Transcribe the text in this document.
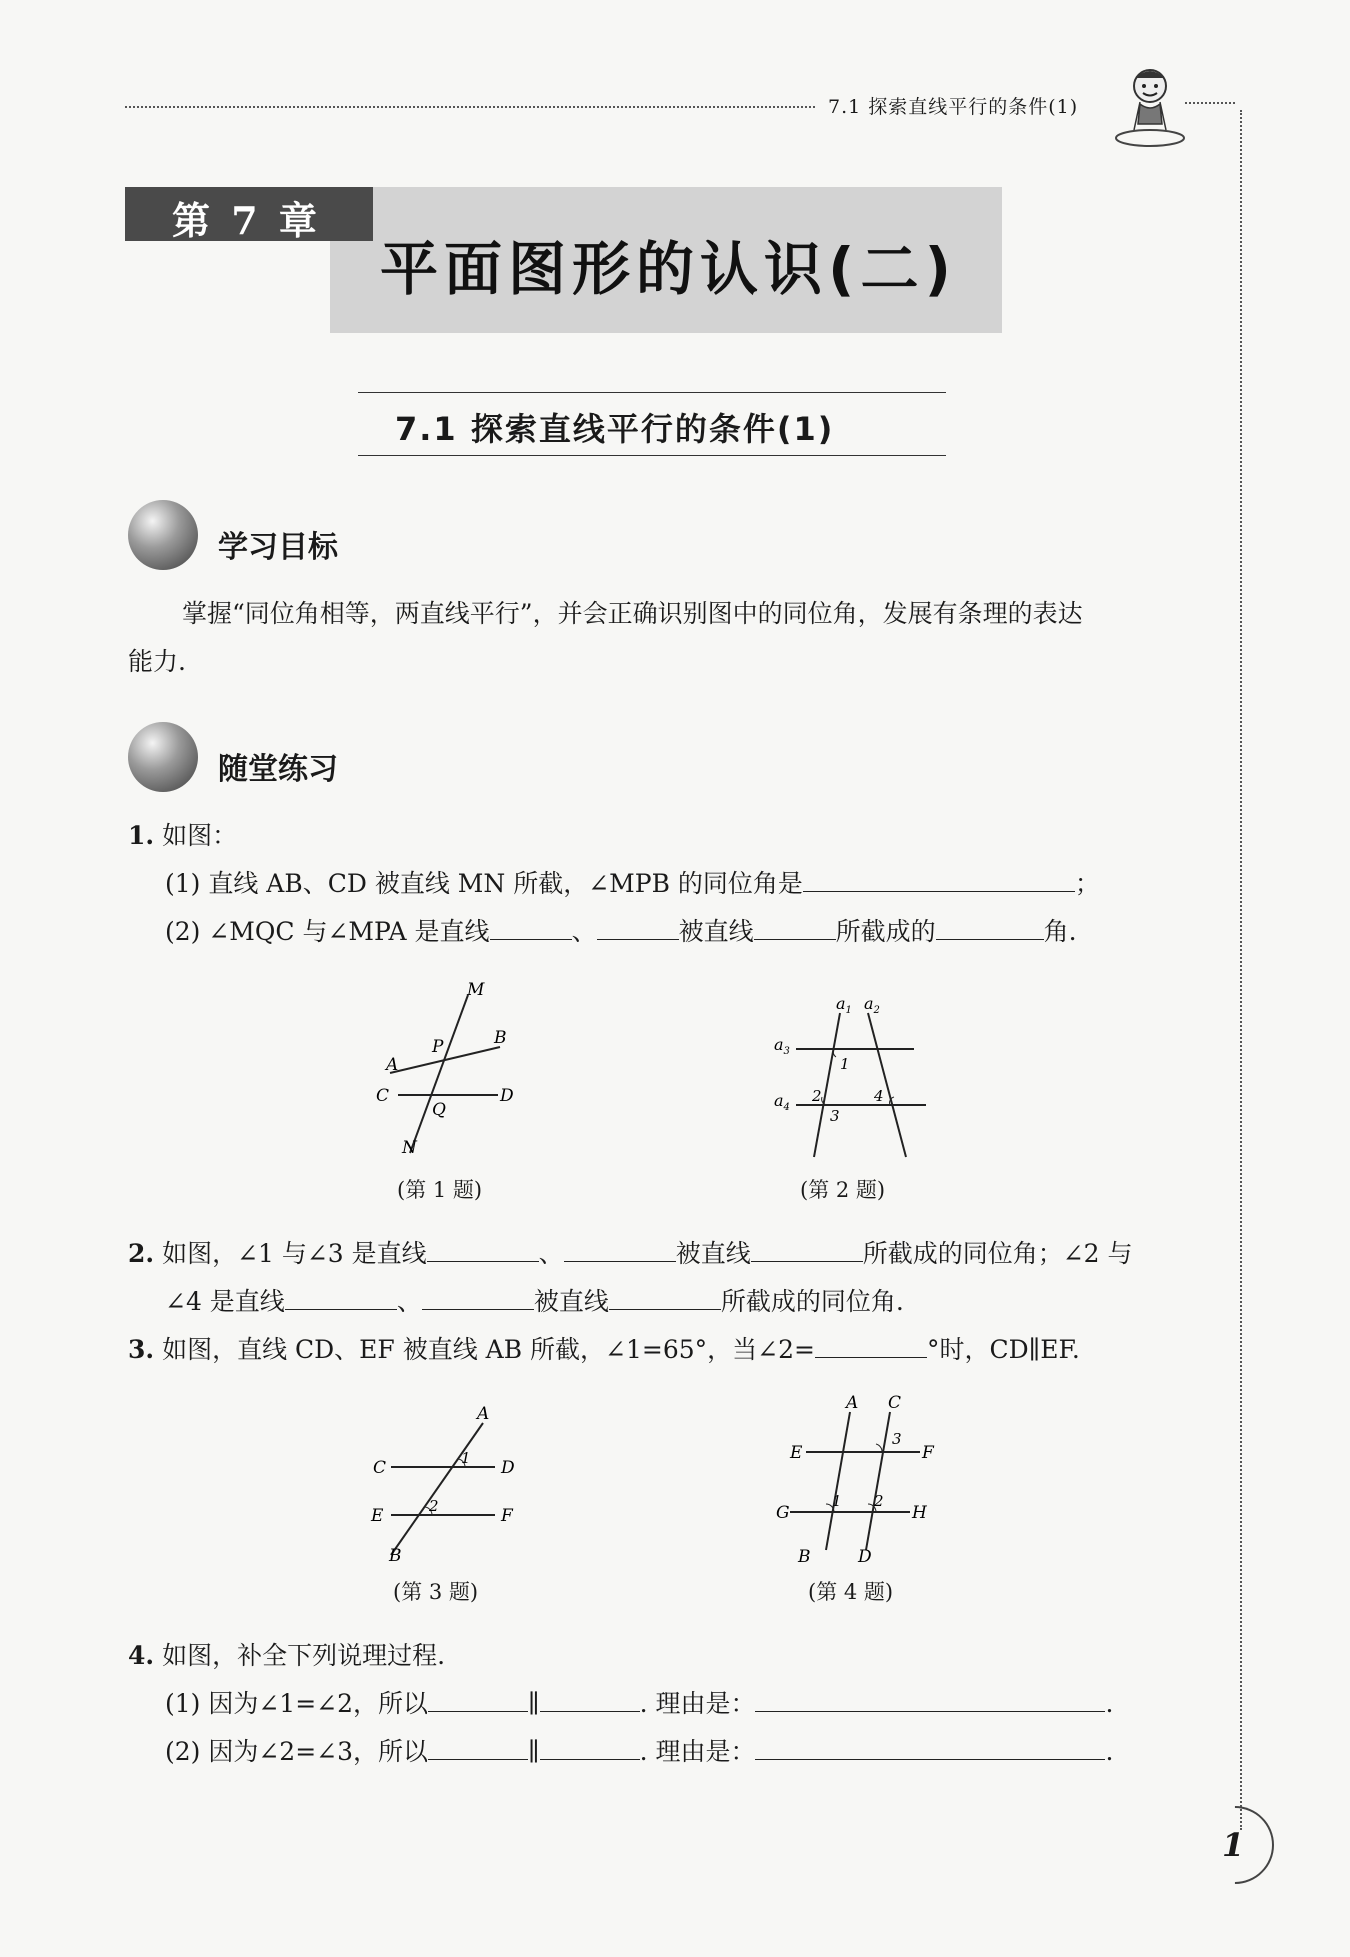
7.1 探索直线平行的条件(1)
第 7 章
平面图形的认识(二)
7.1 探索直线平行的条件(1)
学习目标
掌握“同位角相等，两直线平行”，并会正确识别图中的同位角，发展有条理的表达
能力.
随堂练习
1. 如图：
(1) 直线 AB、CD 被直线 MN 所截，∠MPB 的同位角是	；
(2) ∠MQC 与∠MPA 是直线	、	被直线	所截成的	角.
M
P	B
A
C
Q
D
N
(第 1 题)
$a_1$ $a_2$
$a_3$
$a_4$
1
2
3
4
(第 2 题)
2. 如图，∠1 与∠3 是直线	、	被直线	所截成的同位角；∠2 与
∠4 是直线	、	被直线	所截成的同位角.
3. 如图，直线 CD、EF 被直线 AB 所截，∠1=65°，当∠2=	°时，CD∥EF.
A
C	1 D
E	2	F
B
(第 3 题)
A C
E
3
F
G
1 2
H
B	D
(第 4 题)
4. 如图，补全下列说理过程.
(1) 因为∠1=∠2，所以	∥	. 理由是：	.
(2) 因为∠2=∠3，所以	∥	. 理由是：	.
1
